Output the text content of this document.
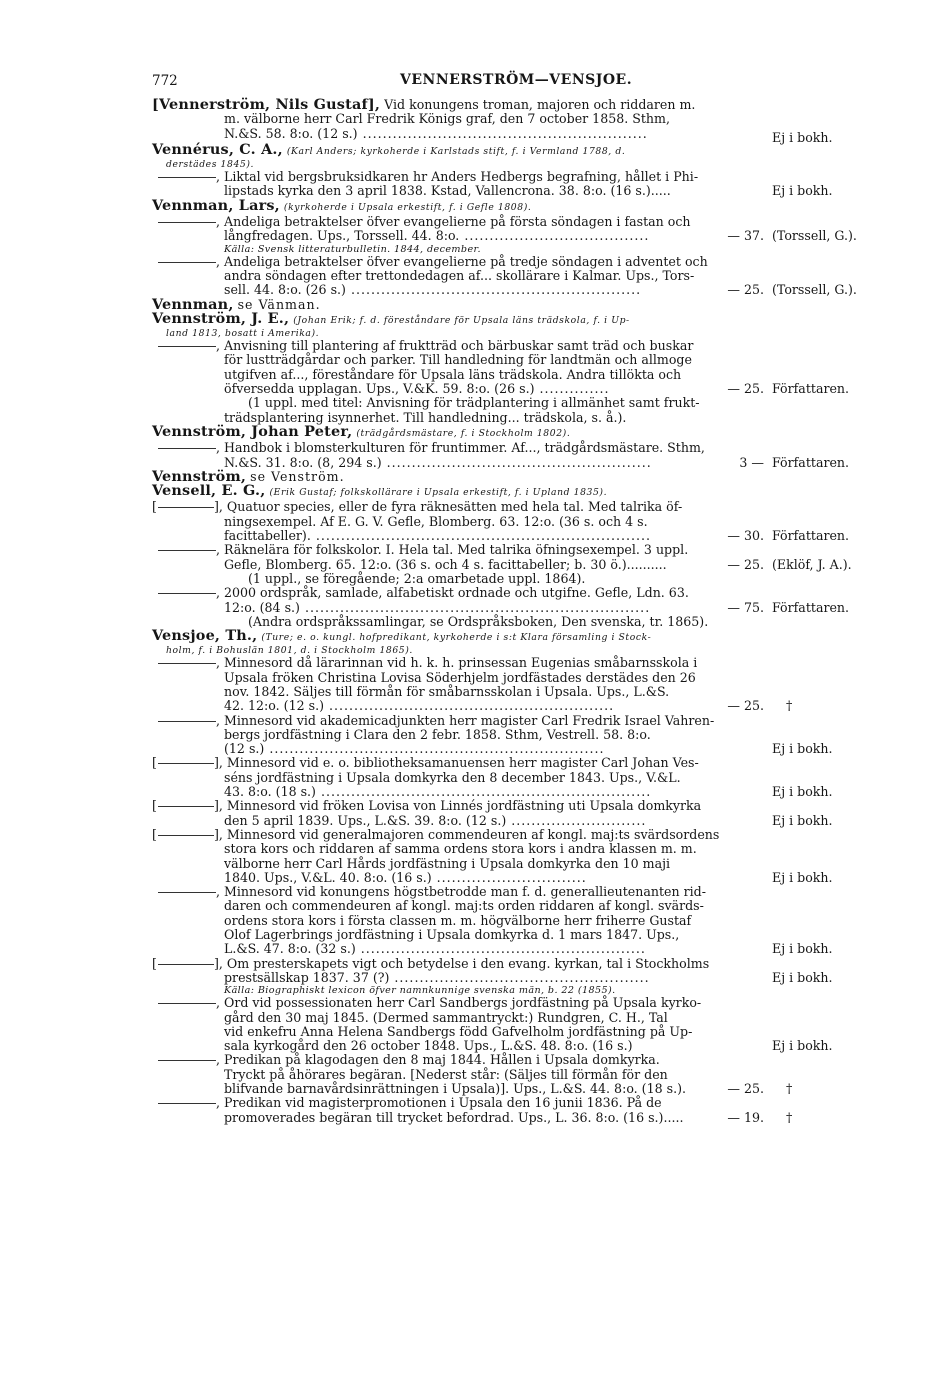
772	VENNERSTRÖM—VENSJOE.
[Vennerström, Nils Gustaf], Vid konungens troman, majoren och riddaren m.
m. välborne herr Carl Fredrik Königs graf, den 7 october 1858. Sthm,
N.&S. 58. 8:o. (12 s.) .........................................................	Ej i bokh.
Vennérus, C. A., (Karl Anders; kyrkoherde i Karlstads stift, f. i Vermland 1788, d.
derstädes 1845).
, Liktal vid bergsbruksidkaren hr Anders Hedbergs begrafning, hållet i Phi-
lipstads kyrka den 3 april 1838. Kstad, Vallencrona. 38. 8:o. (16 s.).....	Ej i bokh.
Vennman, Lars, (kyrkoherde i Upsala erkestift, f. i Gefle 1808).
, Andeliga betraktelser öfver evangelierne på första söndagen i fastan och
långfredagen. Ups., Torssell. 44. 8:o. .....................................	— 37. (Torssell, G.).
Källa: Svensk litteraturbulletin. 1844, december.
, Andeliga betraktelser öfver evangelierne på tredje söndagen i adventet och
andra söndagen efter trettondedagen af... skollärare i Kalmar. Ups., Tors-
sell. 44. 8:o. (26 s.) ..........................................................	— 25. (Torssell, G.).
Vennman, se Vänman.
Vennström, J. E., (Johan Erik; f. d. föreståndare för Upsala läns trädskola, f. i Up-
land 1813, bosatt i Amerika).
, Anvisning till plantering af fruktträd och bärbuskar samt träd och buskar
för lustträdgårdar och parker. Till handledning för landtmän och allmoge
utgifven af..., föreståndare för Upsala läns trädskola. Andra tillökta och
öfversedda upplagan. Ups., V.&K. 59. 8:o. (26 s.) ..............	— 25. Författaren.
(1 uppl. med titel: Anvisning för trädplantering i allmänhet samt frukt-
trädsplantering isynnerhet. Till handledning... trädskola, s. å.).
Vennström, Johan Peter, (trädgårdsmästare, f. i Stockholm 1802).
, Handbok i blomsterkulturen för fruntimmer. Af..., trädgårdsmästare. Sthm,
N.&S. 31. 8:o. (8, 294 s.) .....................................................	3 — Författaren.
Vennström, se Venström.
Vensell, E. G., (Erik Gustaf; folkskollärare i Upsala erkestift, f. i Upland 1835).
[	], Quatuor species, eller de fyra räknesätten med hela tal. Med talrika öf-
ningsexempel. Af E. G. V. Gefle, Blomberg. 63. 12:o. (36 s. och 4 s.
facittabeller). ...................................................................	— 30. Författaren.
, Räknelära för folkskolor. I. Hela tal. Med talrika öfningsexempel. 3 uppl.
Gefle, Blomberg. 65. 12:o. (36 s. och 4 s. facittabeller; b. 30 ö.)..........	— 25. (Eklöf, J. A.).
(1 uppl., se föregående; 2:a omarbetade uppl. 1864).
, 2000 ordspråk, samlade, alfabetiskt ordnade och utgifne. Gefle, Ldn. 63.
12:o. (84 s.) .....................................................................	— 75. Författaren.
(Andra ordspråkssamlingar, se Ordspråksboken, Den svenska, tr. 1865).
Vensjoe, Th., (Ture; e. o. kungl. hofpredikant, kyrkoherde i s:t Klara församling i Stock-
holm, f. i Bohuslän 1801, d. i Stockholm 1865).
, Minnesord då lärarinnan vid h. k. h. prinsessan Eugenias småbarnsskola i
Upsala fröken Christina Lovisa Söderhjelm jordfästades derstädes den 26
nov. 1842. Säljes till förmån för småbarnsskolan i Upsala. Ups., L.&S.
42. 12:o. (12 s.) .........................................................	— 25. †
, Minnesord vid akademicadjunkten herr magister Carl Fredrik Israel Vahren-
bergs jordfästning i Clara den 2 febr. 1858. Sthm, Vestrell. 58. 8:o.
(12 s.) ...................................................................	Ej i bokh.
[	], Minnesord vid e. o. bibliotheksamanuensen herr magister Carl Johan Ves-
séns jordfästning i Upsala domkyrka den 8 december 1843. Ups., V.&L.
43. 8:o. (18 s.) ..................................................................	Ej i bokh.
[	], Minnesord vid fröken Lovisa von Linnés jordfästning uti Upsala domkyrka
den 5 april 1839. Ups., L.&S. 39. 8:o. (12 s.) ...........................	Ej i bokh.
[	], Minnesord vid generalmajoren commendeuren af kongl. maj:ts svärdsordens
stora kors och riddaren af samma ordens stora kors i andra klassen m. m.
välborne herr Carl Hårds jordfästning i Upsala domkyrka den 10 maji
1840. Ups., V.&L. 40. 8:o. (16 s.) ..............................	Ej i bokh.
, Minnesord vid konungens högstbetrodde man f. d. generallieutenanten rid-
daren och commendeuren af kongl. maj:ts orden riddaren af kongl. svärds-
ordens stora kors i första classen m. m. högvälborne herr friherre Gustaf
Olof Lagerbrings jordfästning i Upsala domkyrka d. 1 mars 1847. Ups.,
L.&S. 47. 8:o. (32 s.) .........................................................	Ej i bokh.
[	], Om presterskapets vigt och betydelse i den evang. kyrkan, tal i Stockholms
prestsällskap 1837. 37 (?) ...................................................	Ej i bokh.
Källa: Biographiskt lexicon öfver namnkunnige svenska män, b. 22 (1855).
, Ord vid possessionaten herr Carl Sandbergs jordfästning på Upsala kyrko-
gård den 30 maj 1845. (Dermed sammantryckt:) Rundgren, C. H., Tal
vid enkefru Anna Helena Sandbergs född Gafvelholm jordfästning på Up-
sala kyrkogård den 26 october 1848. Ups., L.&S. 48. 8:o. (16 s.)	Ej i bokh.
, Predikan på klagodagen den 8 maj 1844. Hållen i Upsala domkyrka.
Tryckt på åhörares begäran. [Nederst står: (Säljes till förmån för den
blifvande barnavårdsinrättningen i Upsala)]. Ups., L.&S. 44. 8:o. (18 s.).	— 25. †
, Predikan vid magisterpromotionen i Upsala den 16 junii 1836. På de
promoverades begäran till trycket befordrad. Ups., L. 36. 8:o. (16 s.).....	— 19. †
